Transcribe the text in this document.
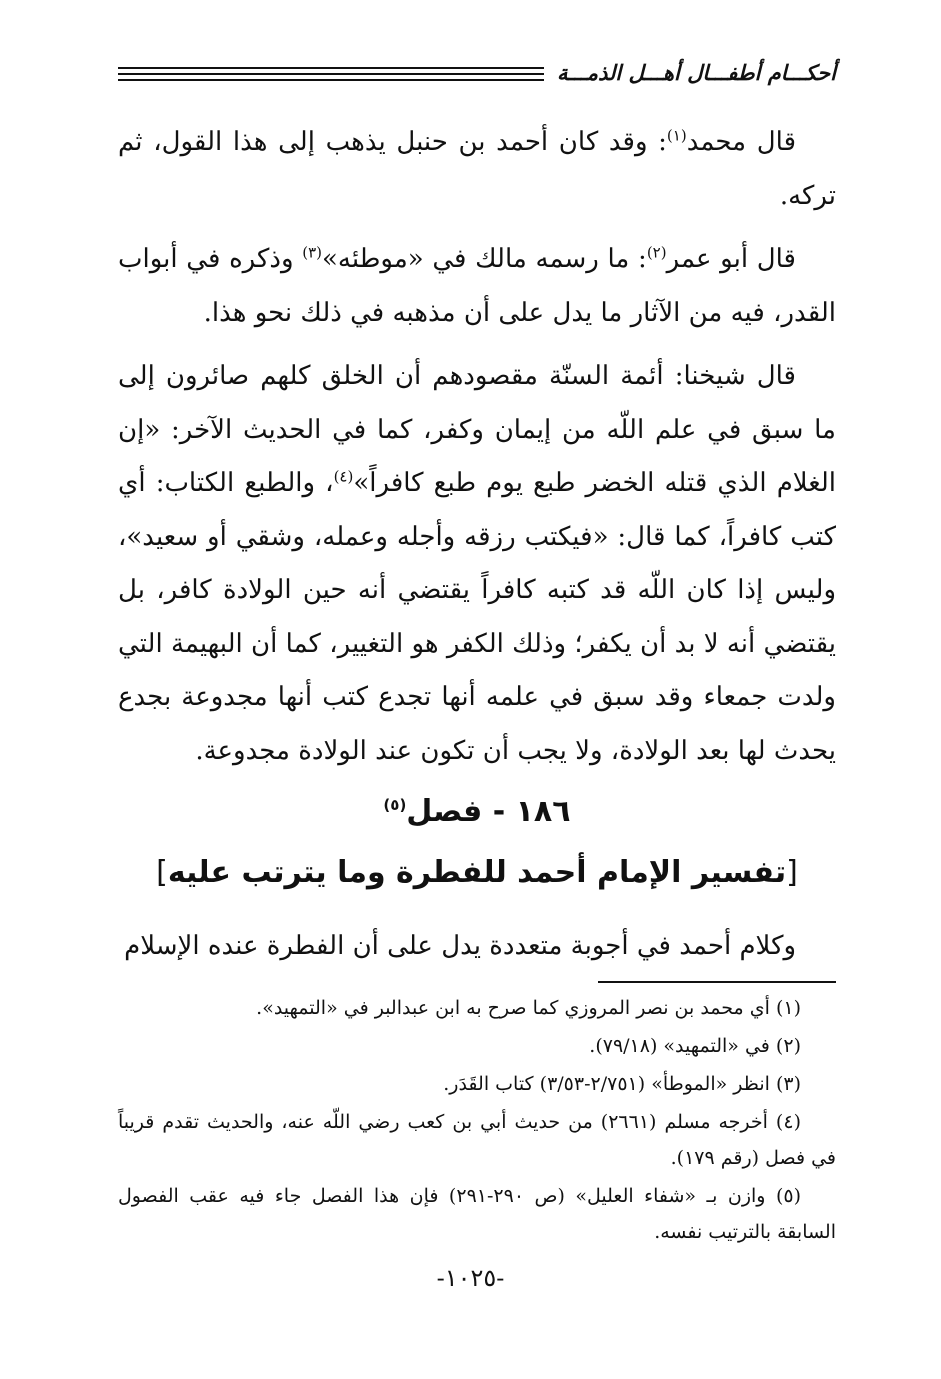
أحكـــام أطفـــال أهـــل الذمـــة

قال محمد$^{(١)}$: وقد كان أحمد بن حنبل يذهب إلى هذا القول، ثم تركه.

قال أبو عمر$^{(٢)}$: ما رسمه مالك في «موطئه»$^{(٣)}$ وذكره في أبواب القدر، فيه من الآثار ما يدل على أن مذهبه في ذلك نحو هذا.

قال شيخنا: أئمة السنّة مقصودهم أن الخلق كلهم صائرون إلى ما سبق في علم اللّه من إيمان وكفر، كما في الحديث الآخر: «إن الغلام الذي قتله الخضر طبع يوم طبع كافراً»$^{(٤)}$، والطبع الكتاب: أي كتب كافراً، كما قال: «فيكتب رزقه وأجله وعمله، وشقي أو سعيد»، وليس إذا كان اللّه قد كتبه كافراً يقتضي أنه حين الولادة كافر، بل يقتضي أنه لا بد أن يكفر؛ وذلك الكفر هو التغيير، كما أن البهيمة التي ولدت جمعاء وقد سبق في علمه أنها تجدع كتب أنها مجدوعة بجدع يحدث لها بعد الولادة، ولا يجب أن تكون عند الولادة مجدوعة.

١٨٦ - فصل$^{(٥)}$
[تفسير الإمام أحمد للفطرة وما يترتب عليه]
وكلام أحمد في أجوبة متعددة يدل على أن الفطرة عنده الإسلام

(١) أي محمد بن نصر المروزي كما صرح به ابن عبدالبر في «التمهيد».

(٢) في «التمهيد» (٧٩/١٨).

(٣) انظر «الموطأ» (٢/٧٥١-٣/٥٣) كتاب القَدَر.

(٤) أخرجه مسلم (٢٦٦١) من حديث أبي بن كعب رضي اللّه عنه، والحديث تقدم قريباً في فصل (رقم ١٧٩).

(٥) وازن بـ «شفاء العليل» (ص ٢٩٠-٢٩١) فإن هذا الفصل جاء فيه عقب الفصول السابقة بالترتيب نفسه.

-١٠٢٥-
